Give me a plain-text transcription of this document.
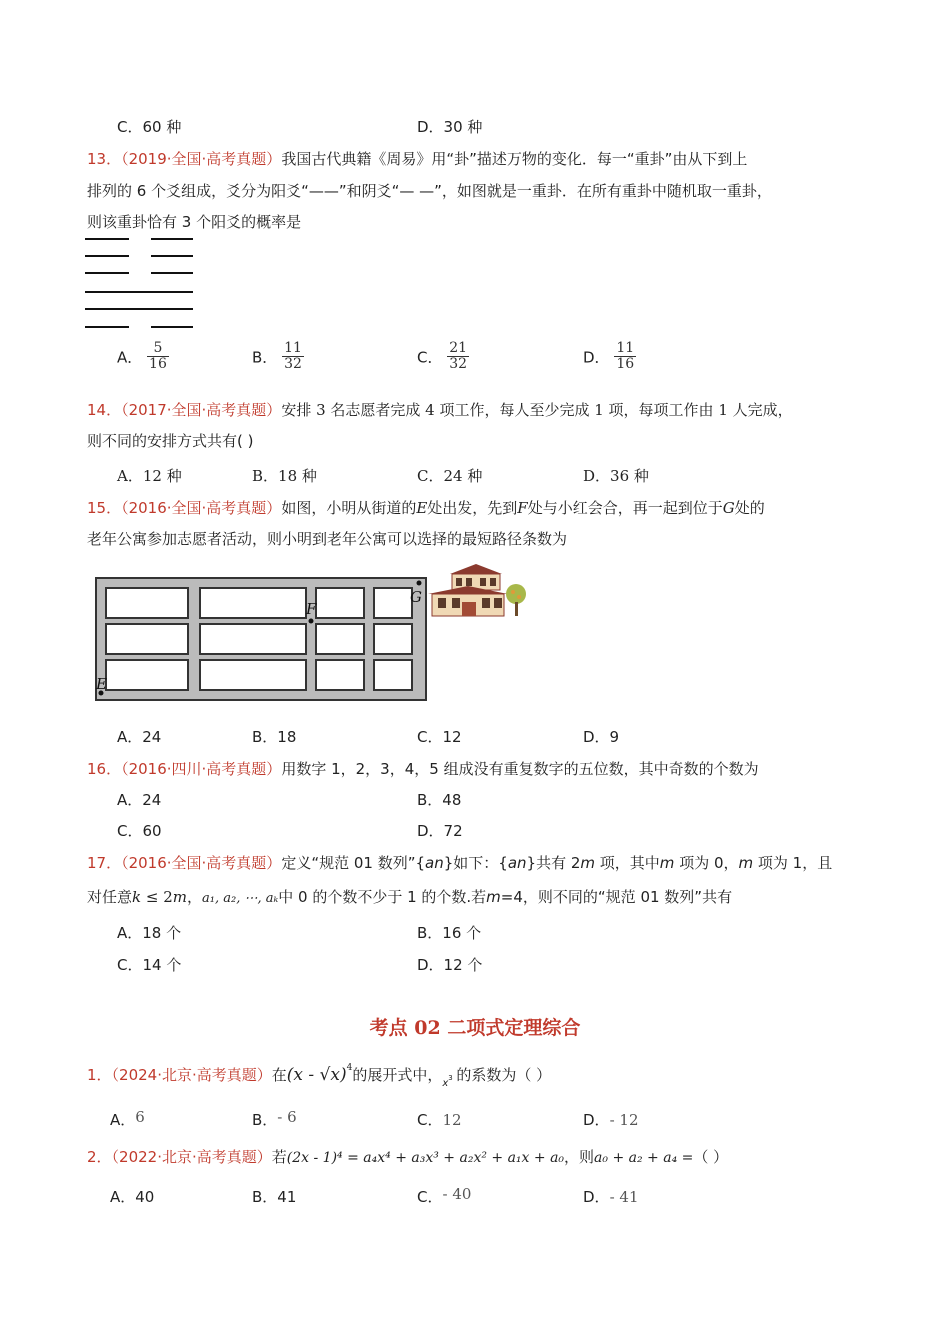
C．60 种	D．30 种
13．（2019·全国·高考真题）我国古代典籍《周易》用“卦”描述万物的变化．每一“重卦”由从下到上
排列的 6 个爻组成，爻分为阳爻“——”和阴爻“— —”，如图就是一重卦．在所有重卦中随机取一重卦，
则该重卦恰有 3 个阳爻的概率是
A． $\frac{5}{16}$	B． $\frac{11}{32}$	C． $\frac{21}{32}$	D． $\frac{11}{16}$
14．（2017·全国·高考真题）安排 3 名志愿者完成 4 项工作，每人至少完成 1 项，每项工作由 1 人完成，
则不同的安排方式共有( )
A．12 种	B．18 种	C．24 种	D．36 种
15．（2016·全国·高考真题）如图，小明从街道的E处出发，先到F处与小红会合，再一起到位于G处的
老年公寓参加志愿者活动，则小明到老年公寓可以选择的最短路径条数为
E
F
G
A．24	B．18	C．12	D．9
16．（2016·四川·高考真题）用数字 1，2，3，4，5 组成没有重复数字的五位数，其中奇数的个数为
A．24	B．48
C．60	D．72
17．（2016·全国·高考真题）定义“规范 01 数列”{an}如下：{an}共有 2m 项，其中m 项为 0，m 项为 1，且
对任意k ≤ 2m，a₁, a₂, ⋯, aₖ中 0 的个数不少于 1 的个数.若m=4，则不同的“规范 01 数列”共有
A．18 个	B．16 个
C．14 个	D．12 个
考点 02 二项式定理综合
1．（2024·北京·高考真题）在(x - √x)$^4$的展开式中，$x^3$ 的系数为（ ）
A．6	B．- 6	C．12	D．- 12
2．（2022·北京·高考真题）若(2x - 1)⁴ = a₄x⁴ + a₃x³ + a₂x² + a₁x + a₀，则a₀ + a₂ + a₄ =（ ）
A．40	B．41	C．- 40	D．- 41
